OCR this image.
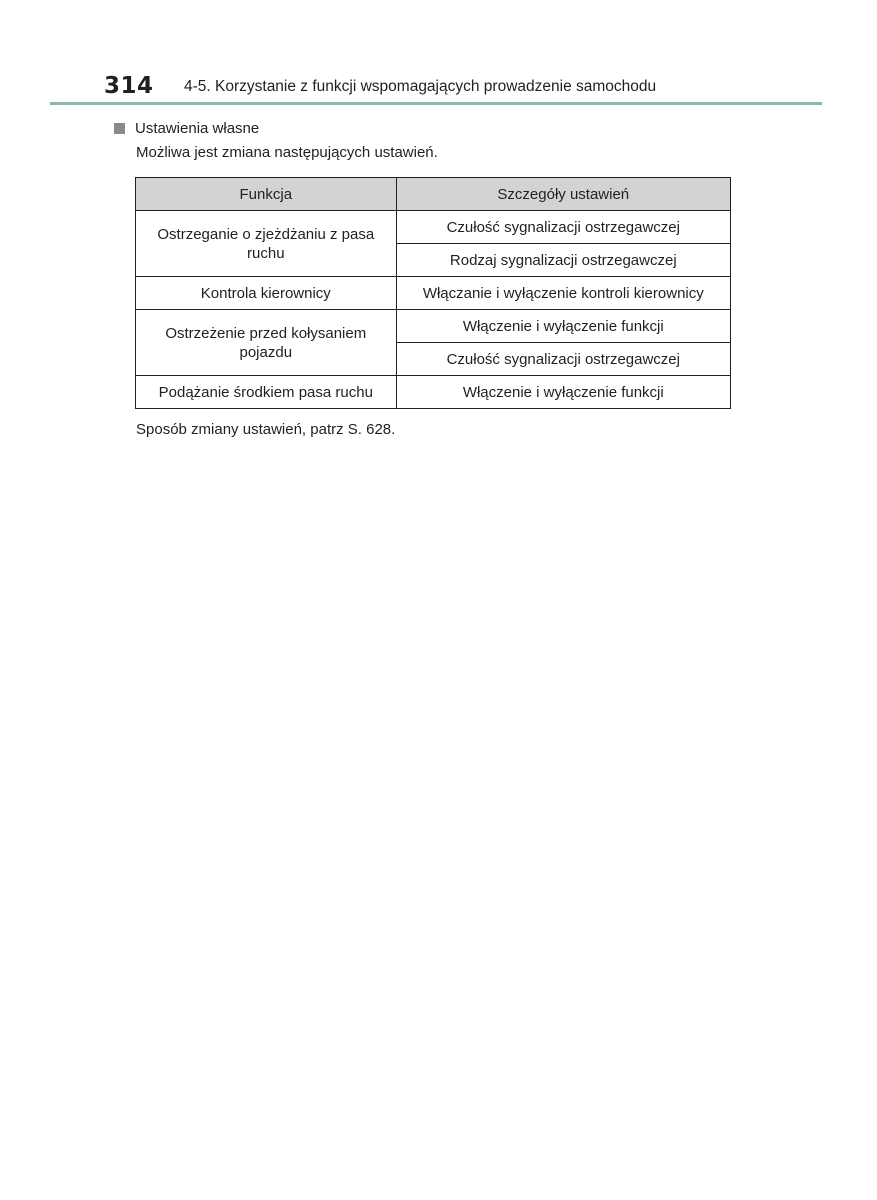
314 4-5. Korzystanie z funkcji wspomagających prowadzenie samochodu
Ustawienia własne
Możliwa jest zmiana następujących ustawień.
Funkcja	Szczegóły ustawień
Ostrzeganie o zjeżdżaniu z pasa ruchu	Czułość sygnalizacji ostrzegawczej
	Rodzaj sygnalizacji ostrzegawczej
Kontrola kierownicy	Włączanie i wyłączenie kontroli kierownicy
Ostrzeżenie przed kołysaniem pojazdu	Włączenie i wyłączenie funkcji
	Czułość sygnalizacji ostrzegawczej
Podążanie środkiem pasa ruchu	Włączenie i wyłączenie funkcji
Sposób zmiany ustawień, patrz S. 628.
